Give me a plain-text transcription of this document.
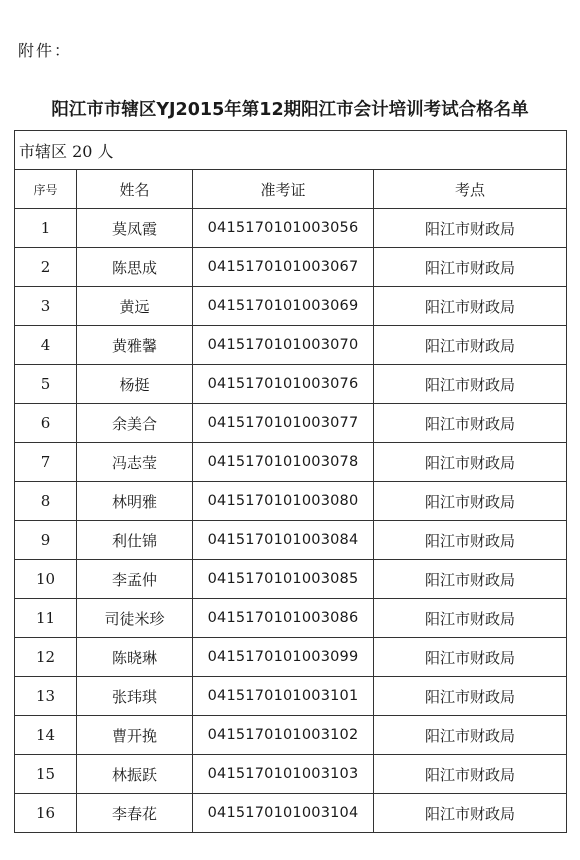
附件：
阳江市市辖区YJ2015年第12期阳江市会计培训考试合格名单
市辖区 20 人			
序号	姓名	准考证	考点
1	莫凤霞	0415170101003056	阳江市财政局
2	陈思成	0415170101003067	阳江市财政局
3	黄远	0415170101003069	阳江市财政局
4	黄雅馨	0415170101003070	阳江市财政局
5	杨挺	0415170101003076	阳江市财政局
6	余美合	0415170101003077	阳江市财政局
7	冯志莹	0415170101003078	阳江市财政局
8	林明雅	0415170101003080	阳江市财政局
9	利仕锦	0415170101003084	阳江市财政局
10	李孟仲	0415170101003085	阳江市财政局
11	司徒米珍	0415170101003086	阳江市财政局
12	陈晓琳	0415170101003099	阳江市财政局
13	张玮琪	0415170101003101	阳江市财政局
14	曹开挽	0415170101003102	阳江市财政局
15	林振跃	0415170101003103	阳江市财政局
16	李春花	0415170101003104	阳江市财政局
